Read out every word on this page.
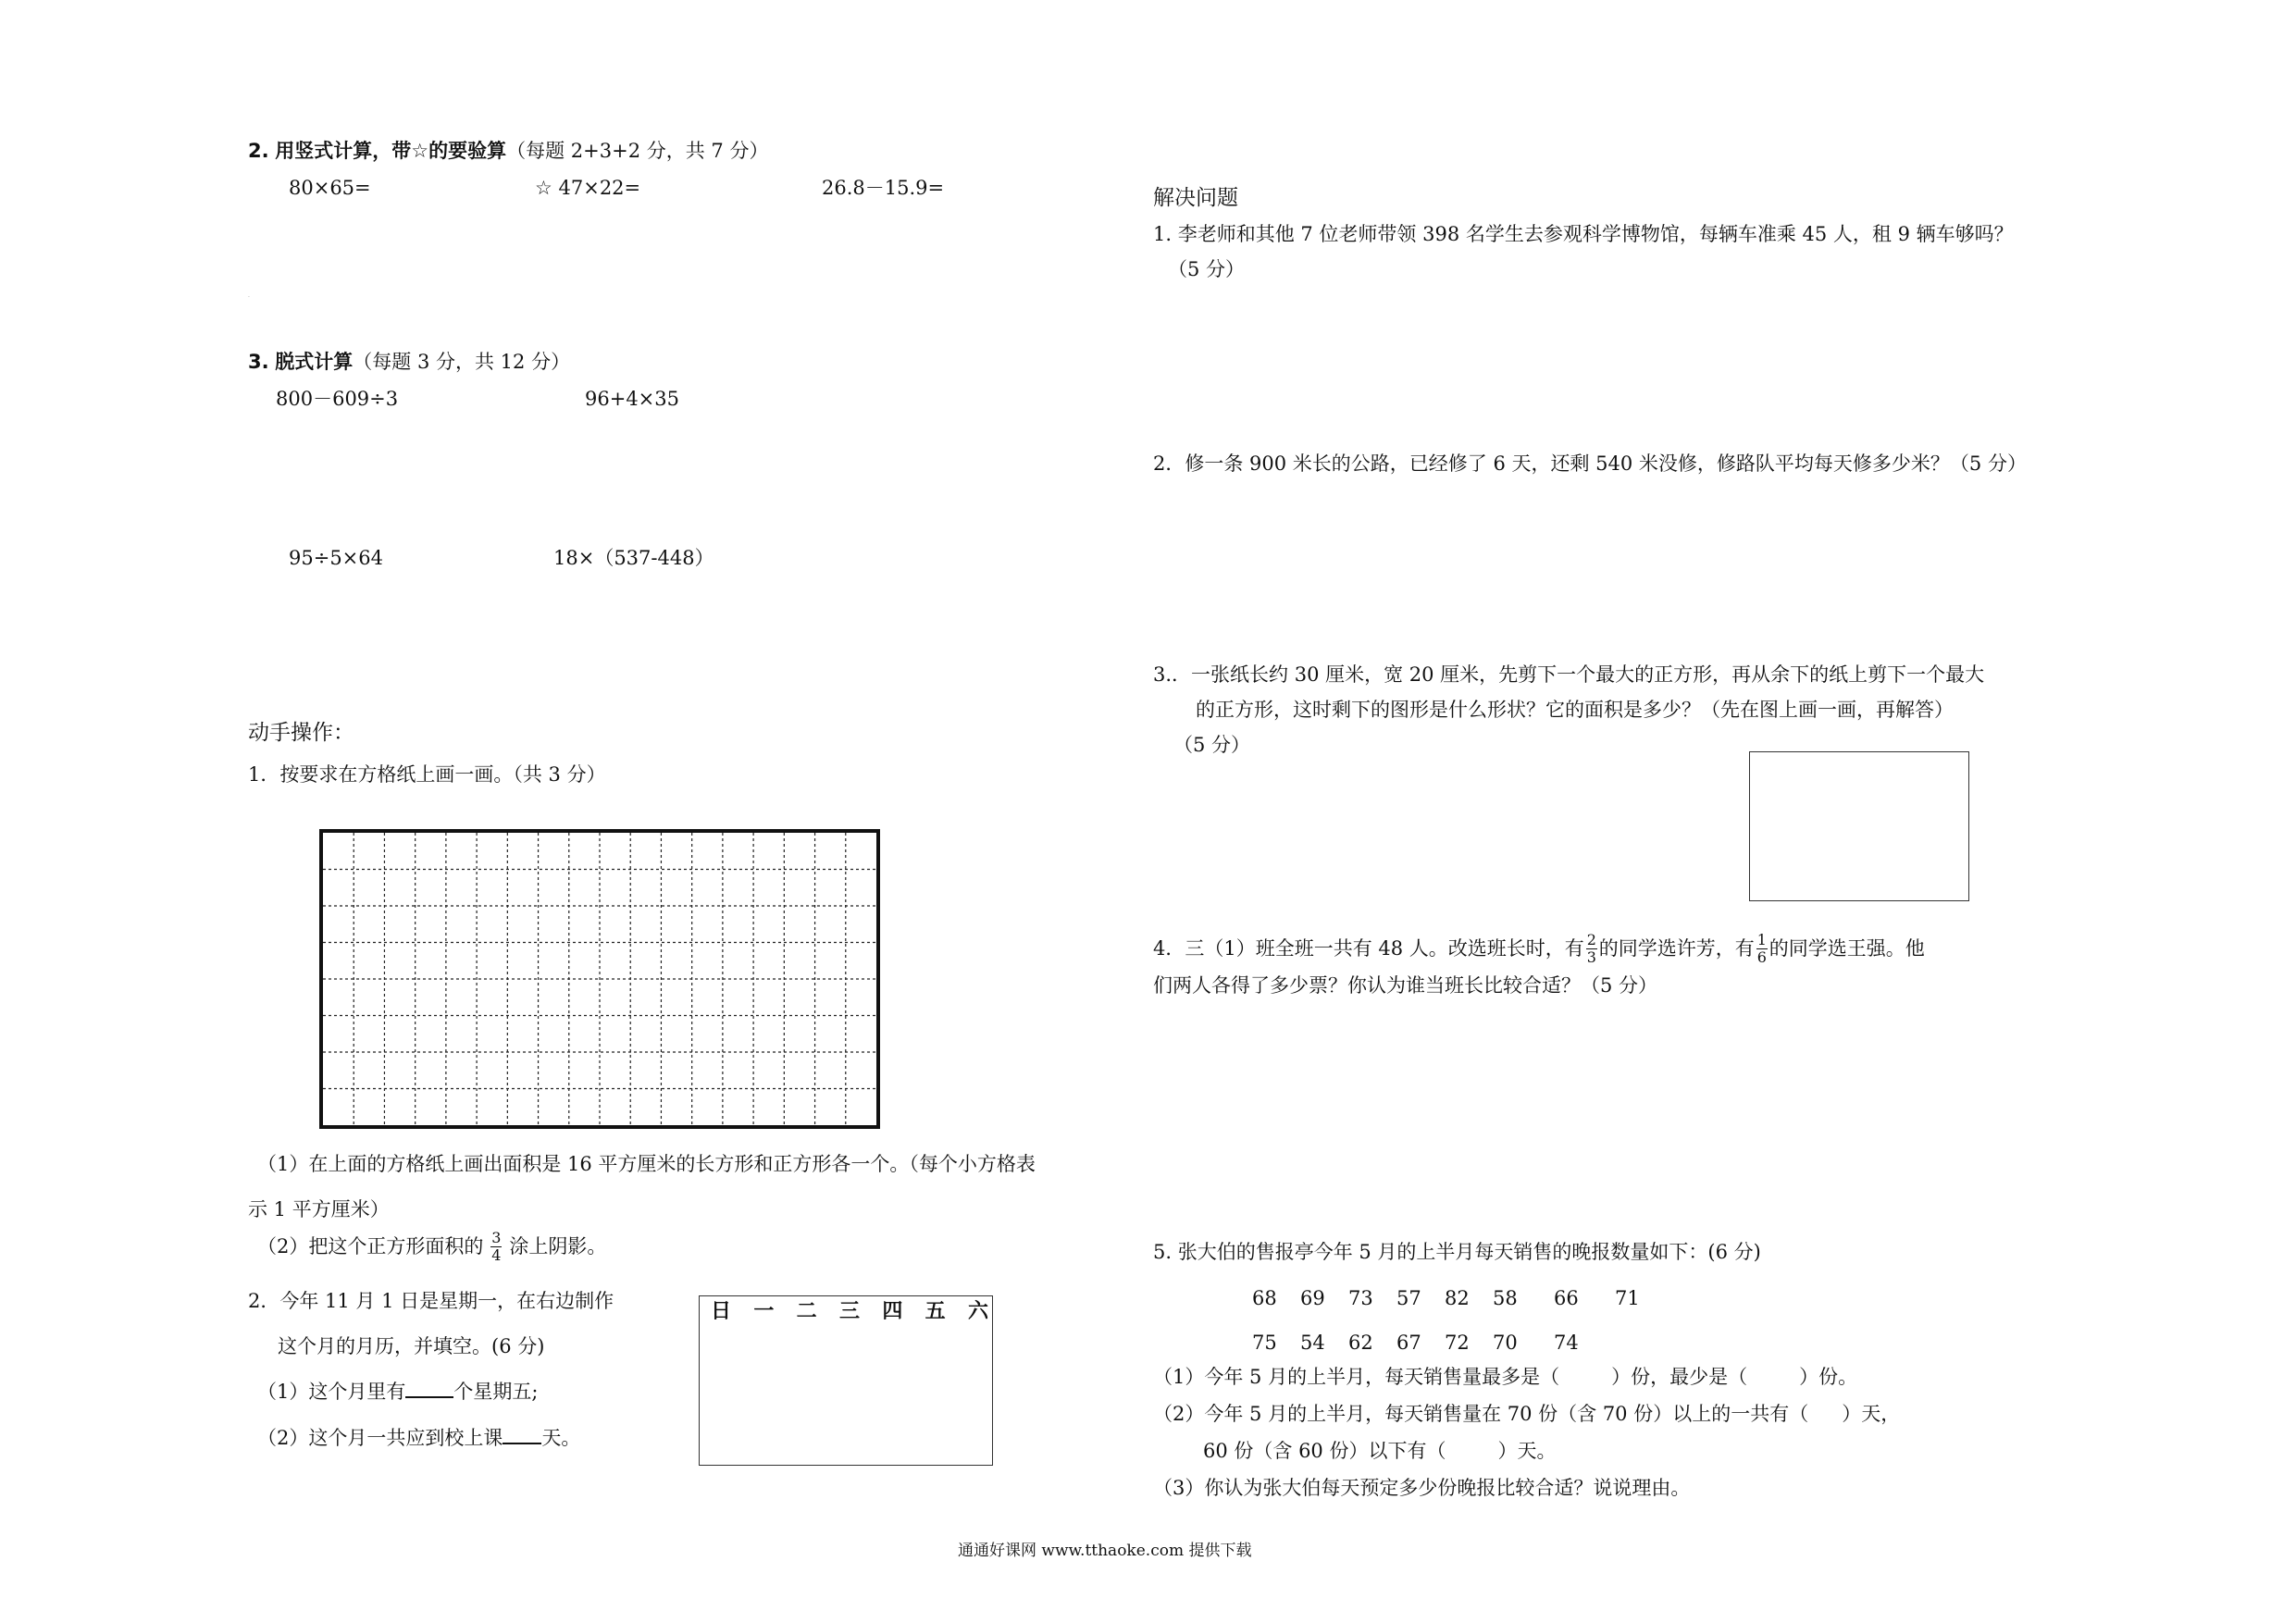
2. 用竖式计算，带☆的要验算（每题 2+3+2 分，共 7 分）
80×65=	☆ 47×22=	26.8－15.9=
·
3. 脱式计算（每题 3 分，共 12 分）
800－609÷3	96+4×35
95÷5×64	18×（537-448）
动手操作：
1．按要求在方格纸上画一画。（共 3 分）
（1）在上面的方格纸上画出面积是 16 平方厘米的长方形和正方形各一个。（每个小方格表
示 1 平方厘米）
（2）把这个正方形面积的 $\frac{3}{4}$ 涂上阴影。
2．今年 11 月 1 日是星期一，在右边制作
这个月的月历，并填空。(6 分)
（1）这个月里有 个星期五;
（2）这个月一共应到校上课 天。
日 一 二 三 四 五 六
解决问题
1. 李老师和其他 7 位老师带领 398 名学生去参观科学博物馆，每辆车准乘 45 人，租 9 辆车够吗？
（5 分）
2．修一条 900 米长的公路，已经修了 6 天，还剩 540 米没修，修路队平均每天修多少米？（5 分）
3.．一张纸长约 30 厘米，宽 20 厘米，先剪下一个最大的正方形，再从余下的纸上剪下一个最大
的正方形，这时剩下的图形是什么形状？它的面积是多少？（先在图上画一画，再解答）
（5 分）
4．三（1）班全班一共有 48 人。改选班长时，有 $\frac{2}{3}$ 的同学选许芳，有 $\frac{1}{6}$ 的同学选王强。他
们两人各得了多少票？你认为谁当班长比较合适？（5 分）
5. 张大伯的售报亭今年 5 月的上半月每天销售的晚报数量如下：(6 分)
68	69	73	57	82	58	66	71
75	54	62	67	72	70	74
（1）今年 5 月的上半月，每天销售量最多是（	）份，最少是（	）份。
（2）今年 5 月的上半月，每天销售量在 70 份（含 70 份）以上的一共有（ ）天，
60 份（含 60 份）以下有（	）天。
（3）你认为张大伯每天预定多少份晚报比较合适？说说理由。
通通好课网 www.tthaoke.com 提供下载
